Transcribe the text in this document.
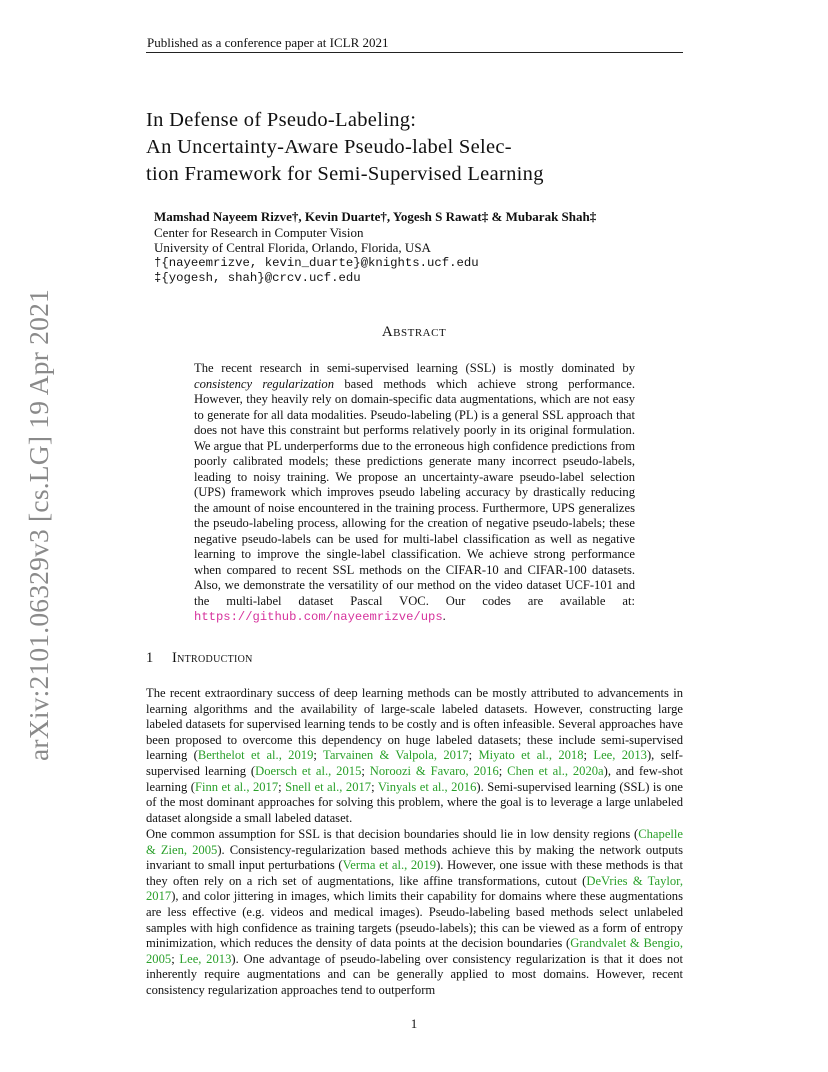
arXiv:2101.06329v3 [cs.LG] 19 Apr 2021
Published as a conference paper at ICLR 2021
In Defense of Pseudo-Labeling:
An Uncertainty-Aware Pseudo-label Selec-
tion Framework for Semi-Supervised Learning
Mamshad Nayeem Rizve†, Kevin Duarte†, Yogesh S Rawat‡ & Mubarak Shah‡
Center for Research in Computer Vision
University of Central Florida, Orlando, Florida, USA
†{nayeemrizve, kevin_duarte}@knights.ucf.edu
‡{yogesh, shah}@crcv.ucf.edu
Abstract
The recent research in semi-supervised learning (SSL) is mostly dominated by consistency regularization based methods which achieve strong performance. However, they heavily rely on domain-specific data augmentations, which are not easy to generate for all data modalities. Pseudo-labeling (PL) is a general SSL approach that does not have this constraint but performs relatively poorly in its original formulation. We argue that PL underperforms due to the erroneous high confidence predictions from poorly calibrated models; these predictions generate many incorrect pseudo-labels, leading to noisy training. We propose an uncertainty-aware pseudo-label selection (UPS) framework which improves pseudo labeling accuracy by drastically reducing the amount of noise encountered in the training process. Furthermore, UPS generalizes the pseudo-labeling process, allowing for the creation of negative pseudo-labels; these negative pseudo-labels can be used for multi-label classification as well as negative learning to improve the single-label classification. We achieve strong performance when compared to recent SSL methods on the CIFAR-10 and CIFAR-100 datasets. Also, we demonstrate the versatility of our method on the video dataset UCF-101 and the multi-label dataset Pascal VOC. Our codes are available at: https://github.com/nayeemrizve/ups.
1 Introduction
The recent extraordinary success of deep learning methods can be mostly attributed to advancements in learning algorithms and the availability of large-scale labeled datasets. However, constructing large labeled datasets for supervised learning tends to be costly and is often infeasible. Several approaches have been proposed to overcome this dependency on huge labeled datasets; these include semi-supervised learning (Berthelot et al., 2019; Tarvainen & Valpola, 2017; Miyato et al., 2018; Lee, 2013), self-supervised learning (Doersch et al., 2015; Noroozi & Favaro, 2016; Chen et al., 2020a), and few-shot learning (Finn et al., 2017; Snell et al., 2017; Vinyals et al., 2016). Semi-supervised learning (SSL) is one of the most dominant approaches for solving this problem, where the goal is to leverage a large unlabeled dataset alongside a small labeled dataset.
One common assumption for SSL is that decision boundaries should lie in low density regions (Chapelle & Zien, 2005). Consistency-regularization based methods achieve this by making the network outputs invariant to small input perturbations (Verma et al., 2019). However, one issue with these methods is that they often rely on a rich set of augmentations, like affine transformations, cutout (DeVries & Taylor, 2017), and color jittering in images, which limits their capability for domains where these augmentations are less effective (e.g. videos and medical images). Pseudo-labeling based methods select unlabeled samples with high confidence as training targets (pseudo-labels); this can be viewed as a form of entropy minimization, which reduces the density of data points at the decision boundaries (Grandvalet & Bengio, 2005; Lee, 2013). One advantage of pseudo-labeling over consistency regularization is that it does not inherently require augmentations and can be generally applied to most domains. However, recent consistency regularization approaches tend to outperform
1
